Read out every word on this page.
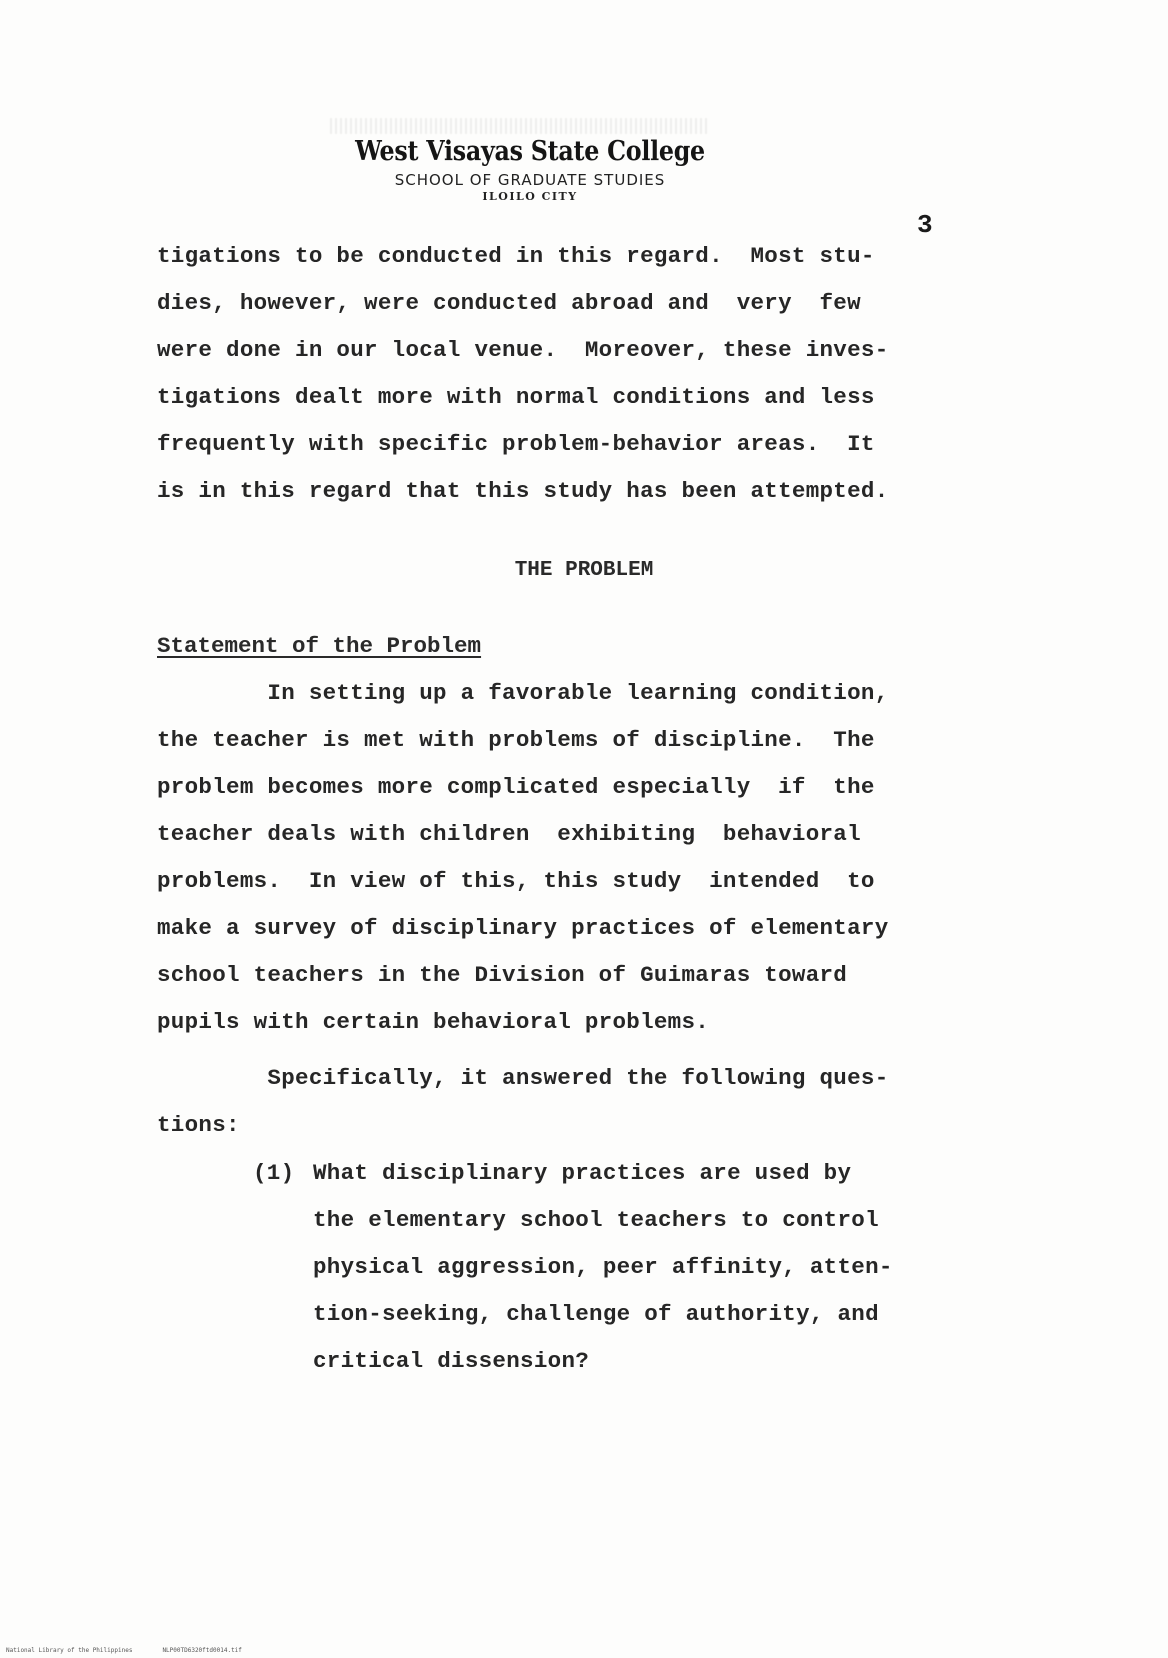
West Visayas State College
SCHOOL OF GRADUATE STUDIES
ILOILO CITY
3
tigations to be conducted in this regard.  Most stu-
dies, however, were conducted abroad and  very  few
were done in our local venue.  Moreover, these inves-
tigations dealt more with normal conditions and less
frequently with specific problem-behavior areas.  It
is in this regard that this study has been attempted.
THE PROBLEM
Statement of the Problem
In setting up a favorable learning condition,
the teacher is met with problems of discipline.  The
problem becomes more complicated especially  if  the
teacher deals with children  exhibiting  behavioral
problems.  In view of this, this study  intended  to
make a survey of disciplinary practices of elementary
school teachers in the Division of Guimaras toward
pupils with certain behavioral problems.
Specifically, it answered the following ques-
tions:
(1) What disciplinary practices are used by
the elementary school teachers to control
physical aggression, peer affinity, atten-
tion-seeking, challenge of authority, and
critical dissension?
National Library of the Philippines	NLP00TD6320ftd0014.tif
